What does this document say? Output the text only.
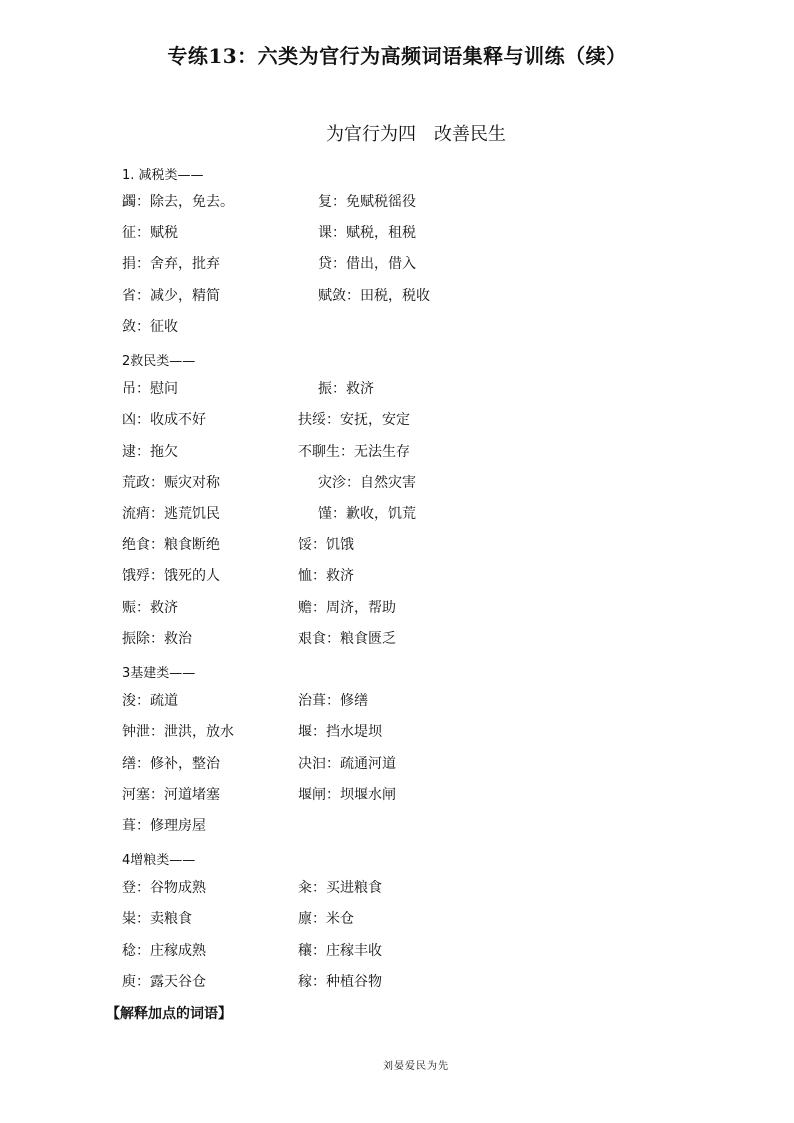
专练13：六类为官行为高频词语集释与训练（续）
为官行为四　改善民生
1. 减税类——
蠲：除去，免去。	复：免赋税徭役
征：赋税	课：赋税，租税
捐：舍弃，批弃	贷：借出，借入
省：减少，精简	赋敛：田税，税收
敛：征收
2救民类——
吊：慰问	振：救济
凶：收成不好	扶绥：安抚，安定
逮：拖欠	不聊生：无法生存
荒政：赈灾对称	灾沴：自然灾害
流痟：逃荒饥民	馑：歉收，饥荒
绝食：粮食断绝	馁：饥饿
饿殍：饿死的人	恤：救济
赈：救济	赡：周济，帮助
振除：救治	艰食：粮食匮乏
3基建类——
浚：疏道	治葺：修缮
钟泄：泄洪，放水	堰：挡水堤坝
缮：修补，整治	决汩：疏通河道
河塞：河道堵塞	堰闸：坝堰水闸
葺：修理房屋
4增粮类——
登：谷物成熟	籴：买进粮食
粜：卖粮食	廪：米仓
稔：庄稼成熟	穰：庄稼丰收
庾：露天谷仓	稼：种植谷物
【解释加点的词语】
刘晏爱民为先
